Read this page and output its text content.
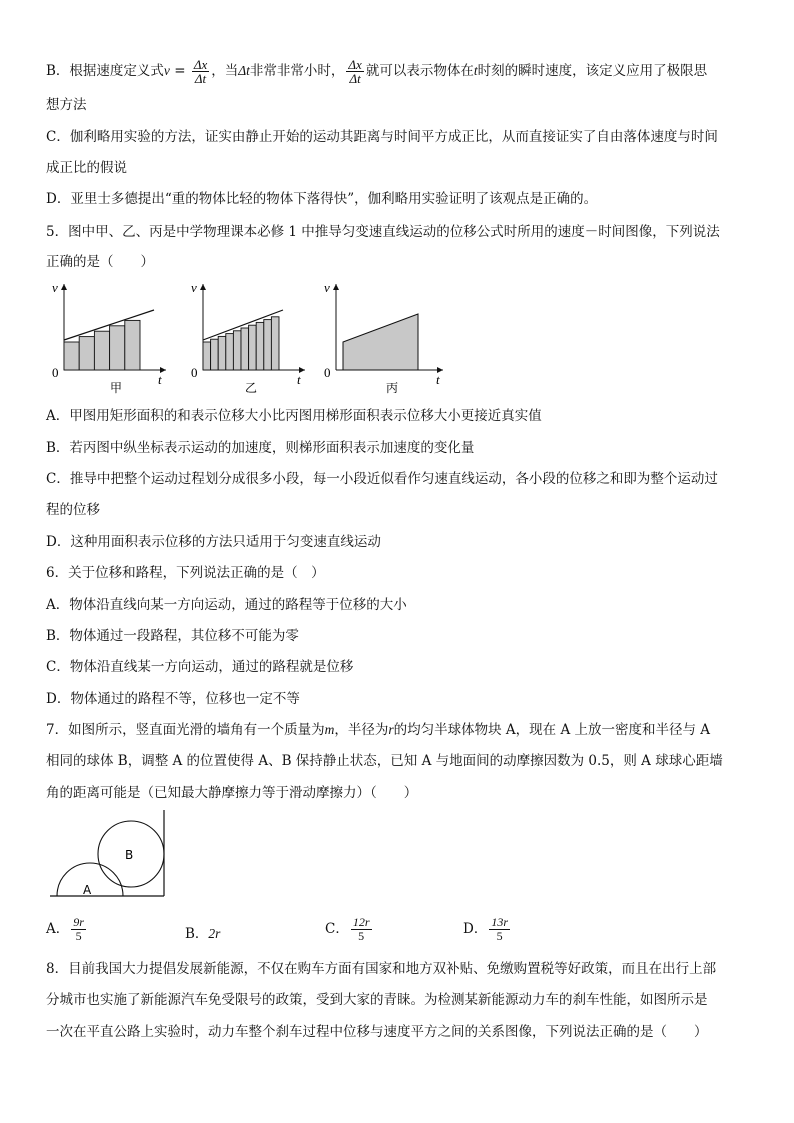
B．根据速度定义式$v = \frac{\Delta x}{\Delta t}$ ，当Δt非常非常小时， $\frac{\Delta x}{\Delta t}$ 就可以表示物体在t时刻的瞬时速度，该定义应用了极限思
想方法
C．伽利略用实验的方法，证实由静止开始的运动其距离与时间平方成正比，从而直接证实了自由落体速度与时间
成正比的假说
D．亚里士多德提出“重的物体比轻的物体下落得快”，伽利略用实验证明了该观点是正确的。
5．图中甲、乙、丙是中学物理课本必修 1 中推导匀变速直线运动的位移公式时所用的速度－时间图像，下列说法
正确的是（　　）
v
t
0
甲
v
t
0
乙
v
t
0
丙
A．甲图用矩形面积的和表示位移大小比丙图用梯形面积表示位移大小更接近真实值
B．若丙图中纵坐标表示运动的加速度，则梯形面积表示加速度的变化量
C．推导中把整个运动过程划分成很多小段，每一小段近似看作匀速直线运动，各小段的位移之和即为整个运动过
程的位移
D．这种用面积表示位移的方法只适用于匀变速直线运动
6．关于位移和路程，下列说法正确的是（　）
A．物体沿直线向某一方向运动，通过的路程等于位移的大小
B．物体通过一段路程，其位移不可能为零
C．物体沿直线某一方向运动，通过的路程就是位移
D．物体通过的路程不等，位移也一定不等
7．如图所示，竖直面光滑的墙角有一个质量为m，半径为r的均匀半球体物块 A，现在 A 上放一密度和半径与 A
相同的球体 B，调整 A 的位置使得 A、B 保持静止状态，已知 A 与地面间的动摩擦因数为 0.5，则 A 球球心距墙
角的距离可能是（已知最大静摩擦力等于滑动摩擦力）（　　）
B
A
A． $\frac{9r}{5}$	B．2r	C． $\frac{12r}{5}$	D． $\frac{13r}{5}$
8．目前我国大力提倡发展新能源，不仅在购车方面有国家和地方双补贴、免缴购置税等好政策，而且在出行上部
分城市也实施了新能源汽车免受限号的政策，受到大家的青睐。为检测某新能源动力车的刹车性能，如图所示是
一次在平直公路上实验时，动力车整个刹车过程中位移与速度平方之间的关系图像，下列说法正确的是（　　）
